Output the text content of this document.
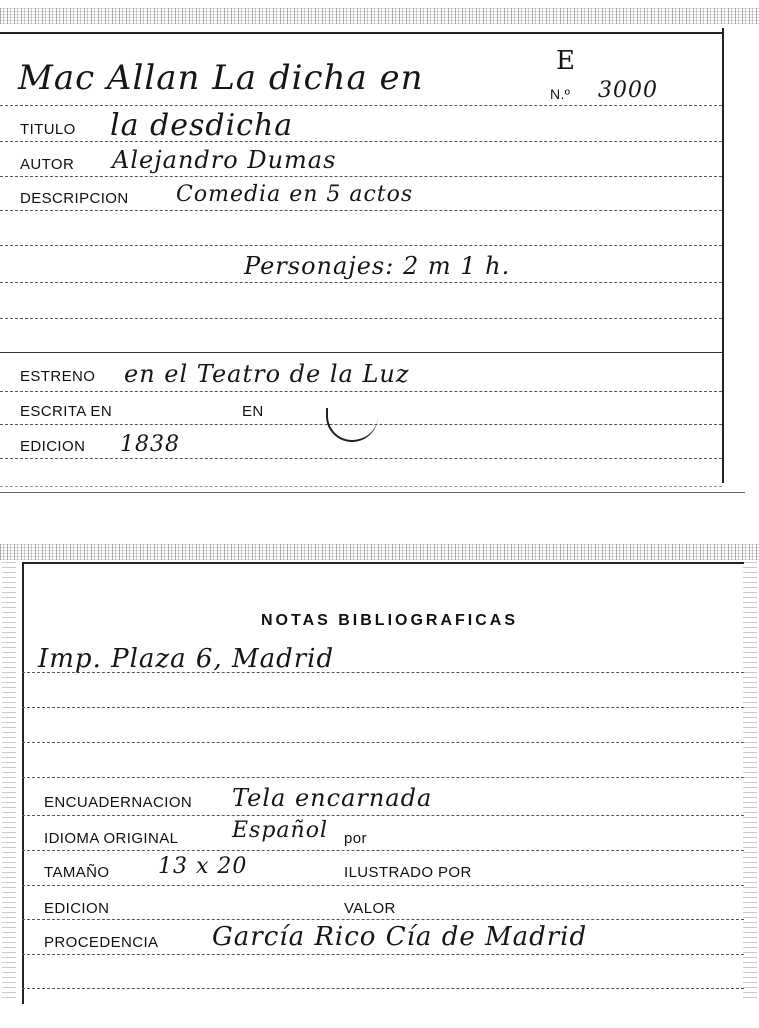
Mac Allan La dicha en	N.º 3000
E
TITULO la desdicha
AUTOR Alejandro Dumas
DESCRIPCION Comedia en 5 actos
Personajes: 2 m 1 h.
ESTRENO en el Teatro de la Luz
ESCRITA EN	EN
EDICION 1838
NOTAS BIBLIOGRAFICAS
Imp. Plaza 6, Madrid
ENCUADERNACION Tela encarnada
IDIOMA ORIGINAL Español por
TAMAÑO 13 x 20	ILUSTRADO POR
EDICION	VALOR
PROCEDENCIA García Rico Cía de Madrid
